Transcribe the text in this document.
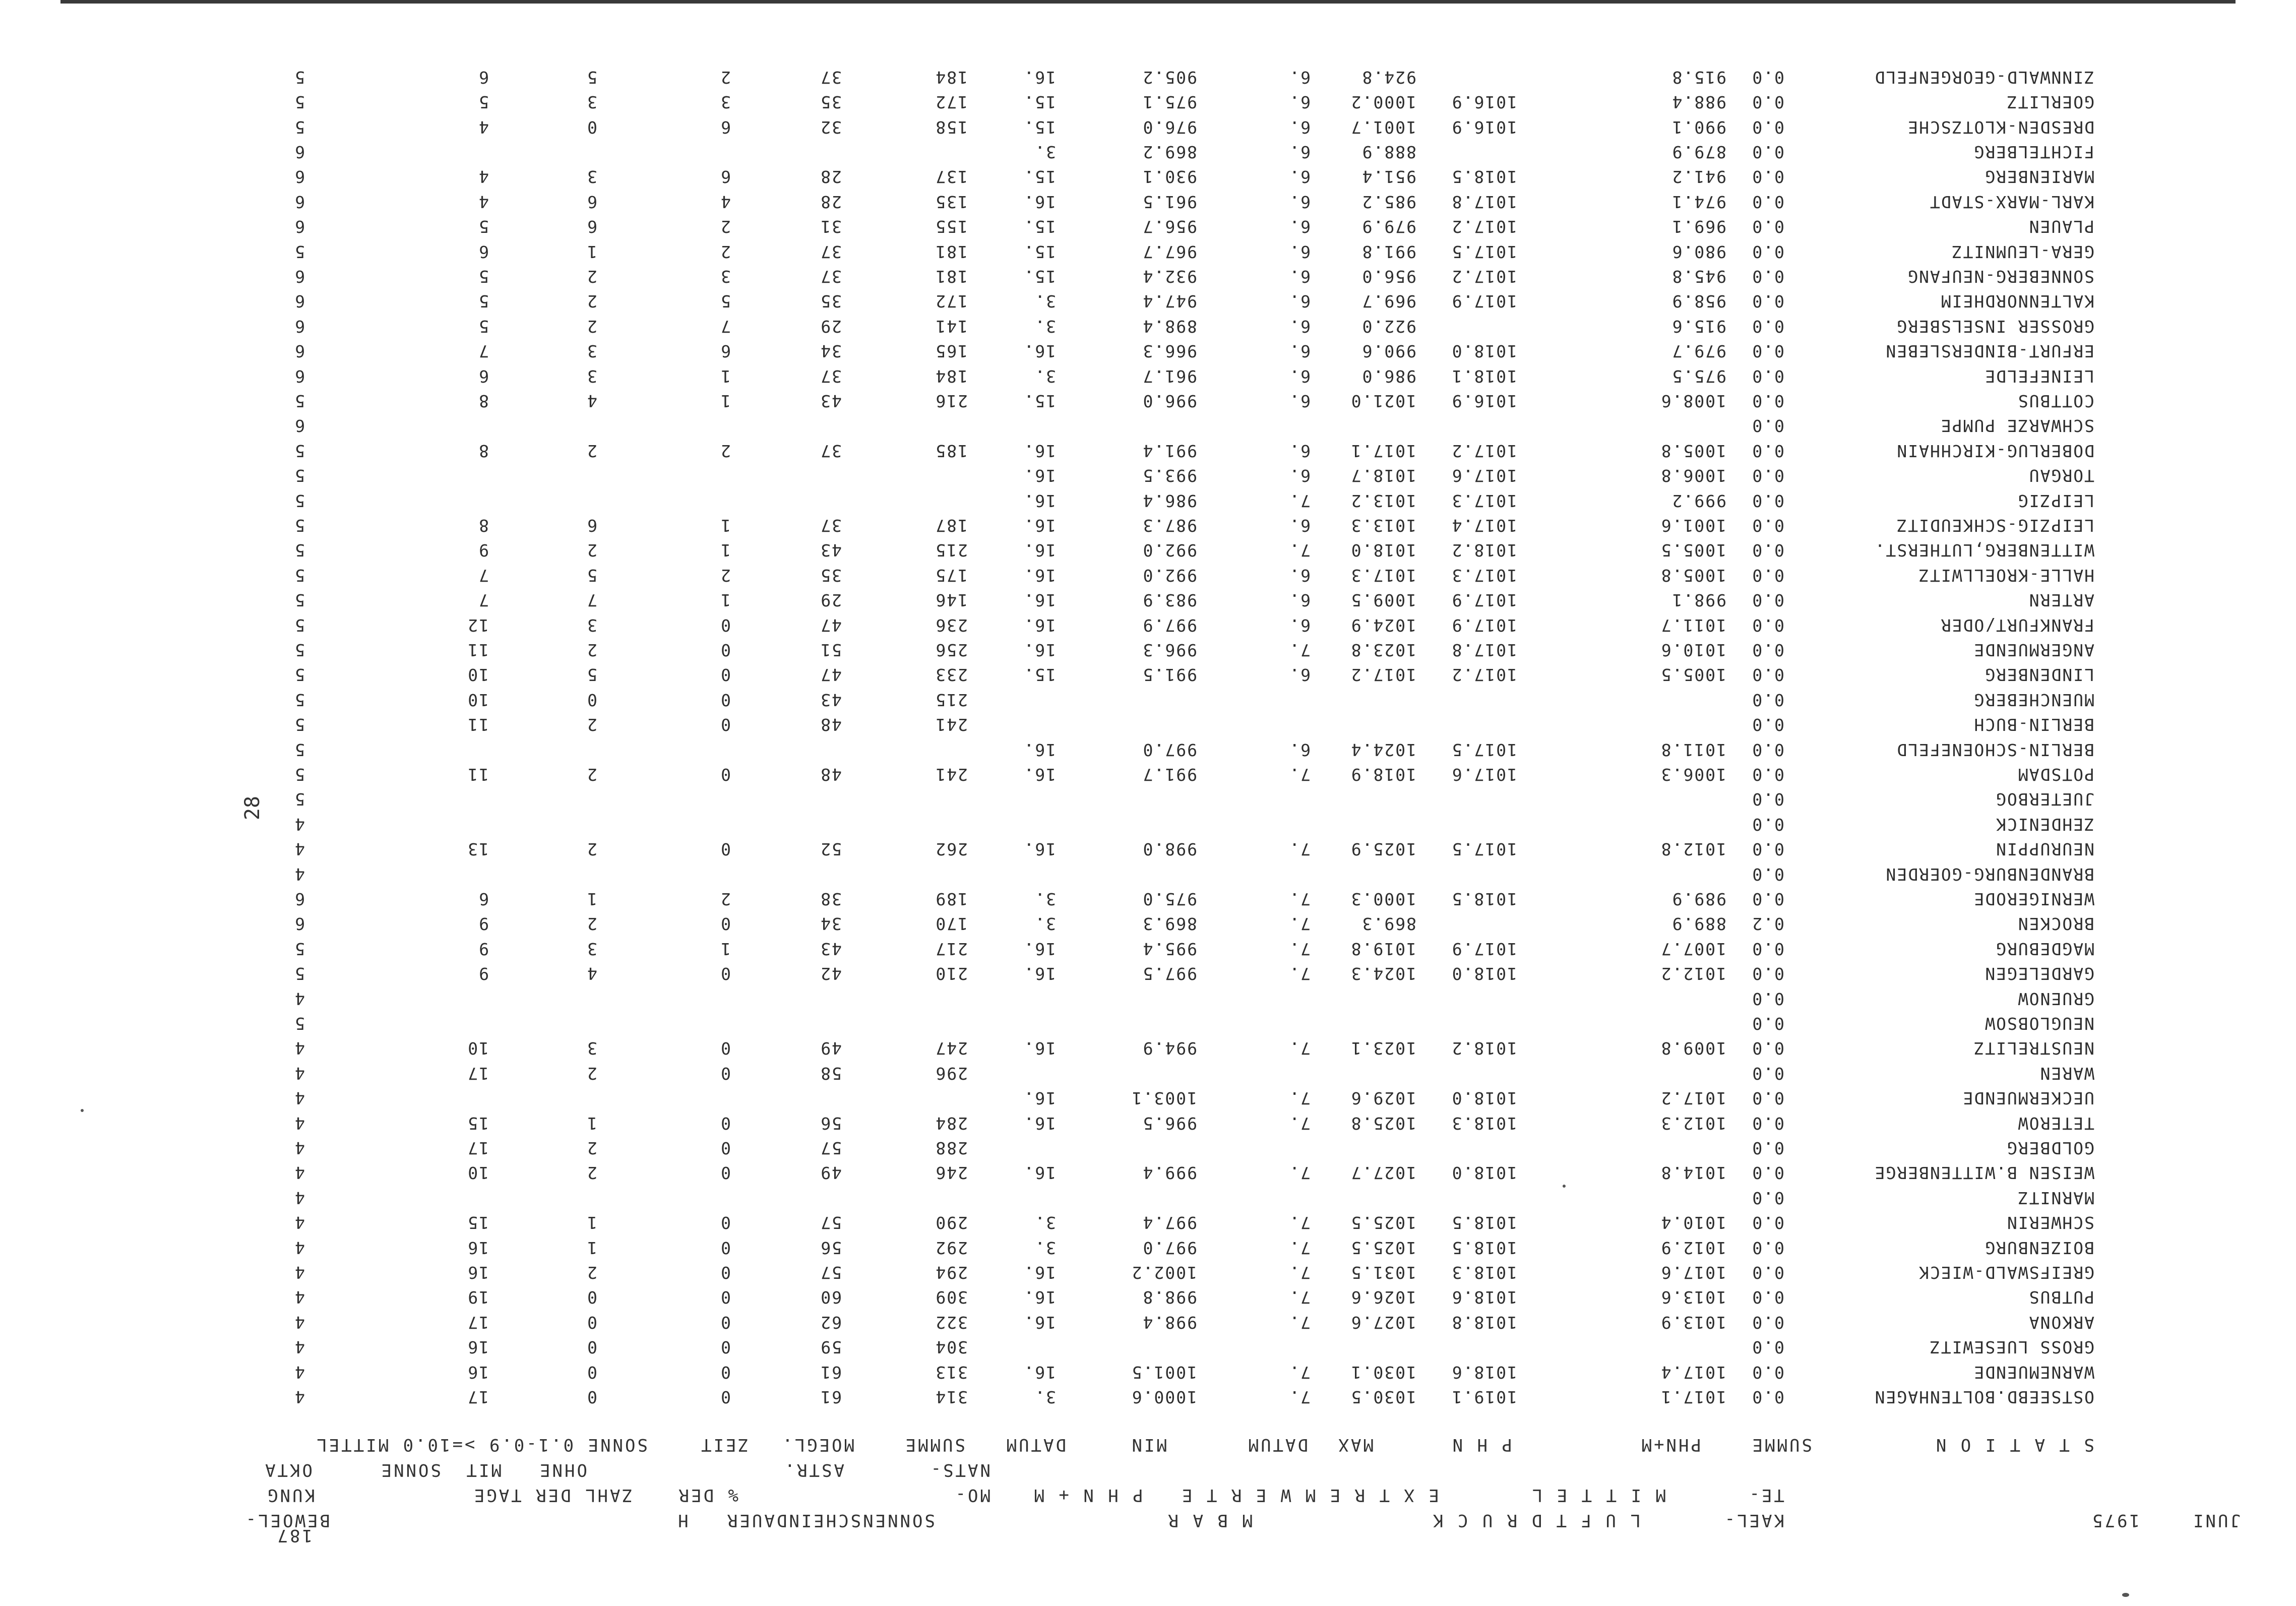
JUNI
1975
KAEL-
L U F T D R U C K
M B A R
SONNENSCHEINDAUER   H
BEWOEL-
187
TE-
M I T T E L
E X T R E M W E R T E   P H N + M
MO-
% DER
ZAHL DER TAGE
KUNG
NATS-
ASTR.
OHNE
MIT
SONNE
OKTA
S T A T I O N
SUMME
PHN+M
P H N
MAX
DATUM
MIN
DATUM
SUMME
MOEGL.
ZEIT
SONNE 0.1-0.9 >=10.0 MITTEL
OSTSEEBD.BOLTENHAGEN
0.0
1017.1
1019.1
1030.5
7.
1000.6
3.
314
61
0
0
17
4
WARNEMUENDE
0.0
1017.4
1018.6
1030.1
7.
1001.5
16.
313
61
0
0
16
4
GROSS LUESEWITZ
0.0
304
59
0
0
16
4
ARKONA
0.0
1013.9
1018.8
1027.6
7.
998.4
16.
322
62
0
0
17
4
PUTBUS
0.0
1013.6
1018.6
1026.6
7.
998.8
16.
309
60
0
0
19
4
GREIFSWALD-WIECK
0.0
1017.6
1018.3
1031.5
7.
1002.2
16.
294
57
0
2
16
4
BOIZENBURG
0.0
1012.9
1018.5
1025.5
7.
997.0
3.
292
56
0
1
16
4
SCHWERIN
0.0
1010.4
1018.5
1025.5
7.
997.4
3.
290
57
0
1
15
4
MARNITZ
0.0
4
WEISEN B.WITTENBERGE
0.0
1014.8
1018.0
1027.7
7.
999.4
16.
246
49
0
2
10
4
GOLDBERG
0.0
288
57
0
2
17
4
TETEROW
0.0
1012.3
1018.3
1025.8
7.
996.5
16.
284
56
0
1
15
4
UECKERMUENDE
0.0
1017.2
1018.0
1029.6
7.
1003.1
16.
4
WAREN
0.0
296
58
0
2
17
4
NEUSTRELITZ
0.0
1009.8
1018.2
1023.1
7.
994.9
16.
247
49
0
3
10
4
NEUGLOBSOW
0.0
5
GRUENOW
0.0
4
GARDELEGEN
0.0
1012.2
1018.0
1024.3
7.
997.5
16.
210
42
0
4
9
5
MAGDEBURG
0.0
1007.7
1017.9
1019.8
7.
995.4
16.
217
43
1
3
9
5
BROCKEN
0.2
889.9
869.3
7.
869.3
3.
170
34
0
2
9
6
WERNIGERODE
0.0
989.9
1018.5
1000.3
7.
975.0
3.
189
38
2
1
6
6
BRANDENBURG-GOERDEN
0.0
4
NEURUPPIN
0.0
1012.8
1017.5
1025.9
7.
998.0
16.
262
52
0
2
13
4
ZEHDENICK
0.0
4
JUETERBOG
0.0
5
POTSDAM
0.0
1006.3
1017.6
1018.9
7.
991.7
16.
241
48
0
2
11
5
BERLIN-SCHOENEFELD
0.0
1011.8
1017.5
1024.4
6.
997.0
16.
5
BERLIN-BUCH
0.0
241
48
0
2
11
5
MUENCHEBERG
0.0
215
43
0
0
10
5
LINDENBERG
0.0
1005.5
1017.2
1017.2
6.
991.5
15.
233
47
0
5
10
5
ANGERMUENDE
0.0
1010.6
1017.8
1023.8
7.
996.3
16.
256
51
0
2
11
5
FRANKFURT/ODER
0.0
1011.7
1017.9
1024.9
6.
997.9
16.
236
47
0
3
12
5
ARTERN
0.0
998.1
1017.9
1009.5
6.
983.9
16.
146
29
1
7
7
5
HALLE-KROELLWITZ
0.0
1005.8
1017.3
1017.3
6.
992.0
16.
175
35
2
5
7
5
WITTENBERG,LUTHERST.
0.0
1005.5
1018.2
1018.0
7.
992.0
16.
215
43
1
2
9
5
LEIPZIG-SCHKEUDITZ
0.0
1001.6
1017.4
1013.3
6.
987.3
16.
187
37
1
6
8
5
LEIPZIG
0.0
999.2
1017.3
1013.2
7.
986.4
16.
5
TORGAU
0.0
1006.8
1017.6
1018.7
6.
993.5
16.
5
DOBERLUG-KIRCHHAIN
0.0
1005.8
1017.2
1017.1
6.
991.4
16.
185
37
2
2
8
5
SCHWARZE PUMPE
0.0
6
COTTBUS
0.0
1008.6
1016.9
1021.0
6.
996.0
15.
216
43
1
4
8
5
LEINEFELDE
0.0
975.5
1018.1
986.0
6.
961.7
3.
184
37
1
3
6
6
ERFURT-BINDERSLEBEN
0.0
979.7
1018.0
990.6
6.
966.3
16.
165
34
6
3
7
6
GROSSER INSELSBERG
0.0
915.6
922.0
6.
898.4
3.
141
29
7
2
5
6
KALTENNORDHEIM
0.0
958.9
1017.9
969.7
6.
947.4
3.
172
35
5
2
5
6
SONNEBERG-NEUFANG
0.0
945.8
1017.2
956.0
6.
932.4
15.
181
37
3
2
5
6
GERA-LEUMNITZ
0.0
980.6
1017.5
991.8
6.
967.7
15.
181
37
2
1
6
5
PLAUEN
0.0
969.1
1017.2
979.9
6.
956.7
15.
155
31
2
6
5
6
KARL-MARX-STADT
0.0
974.1
1017.8
985.2
6.
961.5
16.
135
28
4
6
4
6
MARIENBERG
0.0
941.2
1018.5
951.4
6.
930.1
15.
137
28
6
3
4
6
FICHTELBERG
0.0
879.9
888.9
6.
869.2
3.
6
DRESDEN-KLOTZSCHE
0.0
990.1
1016.9
1001.7
6.
976.0
15.
158
32
6
0
4
5
GOERLITZ
0.0
988.4
1016.9
1000.2
6.
975.1
15.
172
35
3
3
5
5
ZINNWALD-GEORGENFELD
0.0
915.8
924.8
6.
905.2
16.
184
37
2
5
6
5
28
